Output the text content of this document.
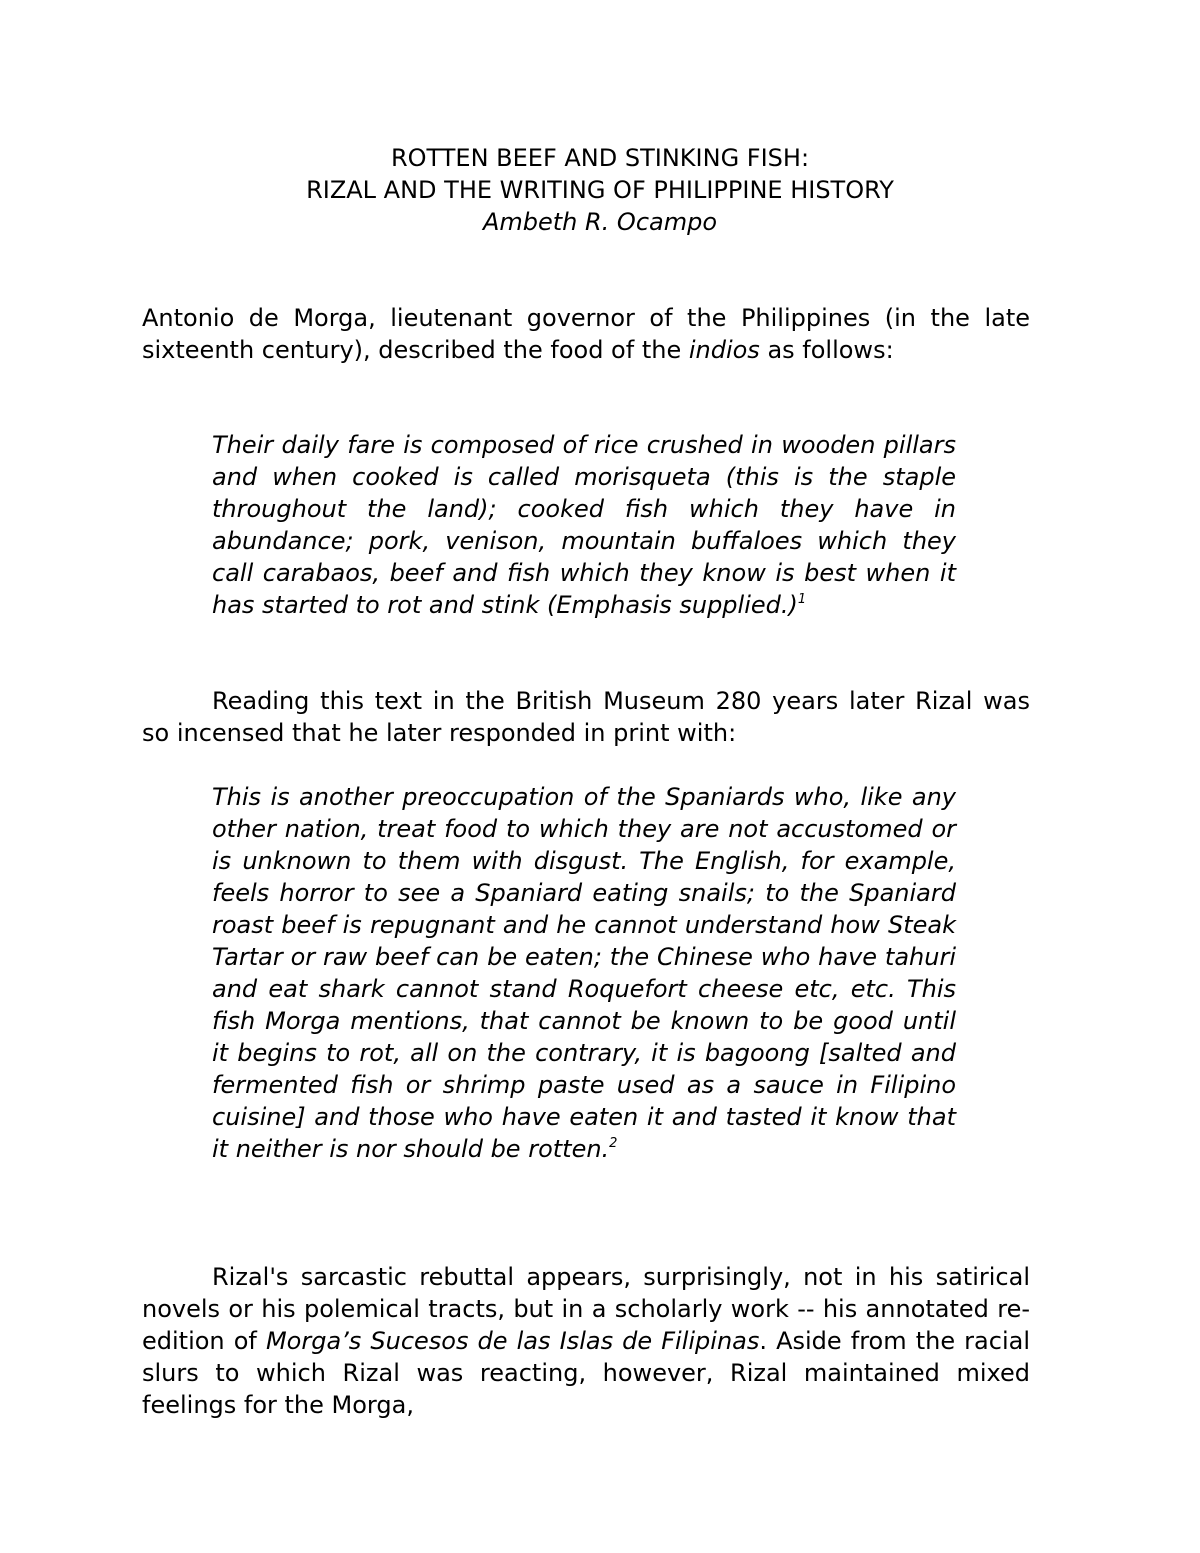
ROTTEN BEEF AND STINKING FISH:
RIZAL AND THE WRITING OF PHILIPPINE HISTORY
Ambeth R. Ocampo
Antonio de Morga, lieutenant governor of the Philippines (in the late sixteenth century), described the food of the indios as follows:
Their daily fare is composed of rice crushed in wooden pillars and when cooked is called morisqueta (this is the staple throughout the land); cooked fish which they have in abundance; pork, venison, mountain buffaloes which they call carabaos, beef and fish which they know is best when it has started to rot and stink (Emphasis supplied.)$^1$
Reading this text in the British Museum 280 years later Rizal was so incensed that he later responded in print with:
This is another preoccupation of the Spaniards who, like any other nation, treat food to which they are not accustomed or is unknown to them with disgust. The English, for example, feels horror to see a Spaniard eating snails; to the Spaniard roast beef is repugnant and he cannot understand how Steak Tartar or raw beef can be eaten; the Chinese who have tahuri and eat shark cannot stand Roquefort cheese etc, etc. This fish Morga mentions, that cannot be known to be good until it begins to rot, all on the contrary, it is bagoong [salted and fermented fish or shrimp paste used as a sauce in Filipino cuisine] and those who have eaten it and tasted it know that it neither is nor should be rotten.$^2$
Rizal's sarcastic rebuttal appears, surprisingly, not in his satirical novels or his polemical tracts, but in a scholarly work -- his annotated re-edition of Morga’s Sucesos de las Islas de Filipinas. Aside from the racial slurs to which Rizal was reacting, however, Rizal maintained mixed feelings for the Morga,
